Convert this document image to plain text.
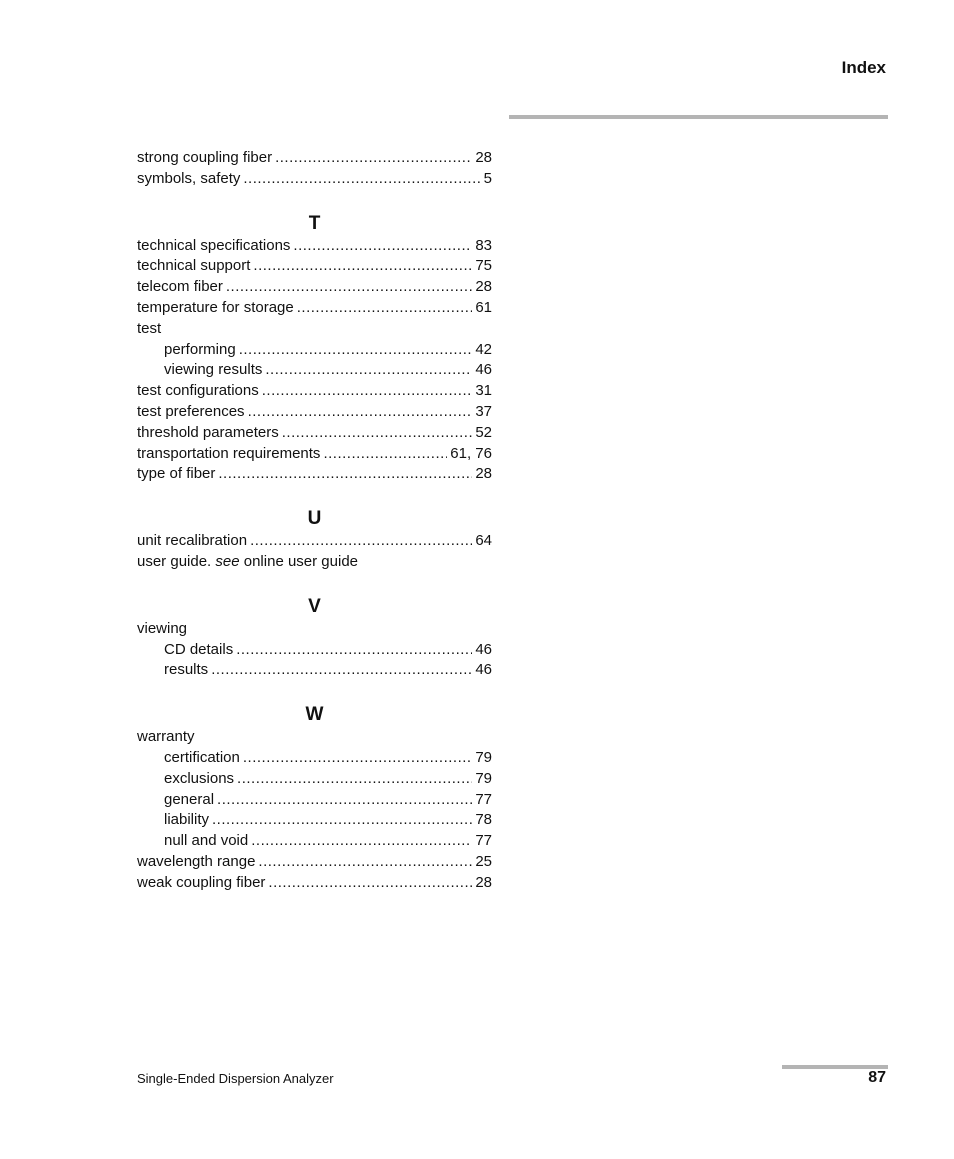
Index
strong coupling fiber .....	28
symbols, safety .....	5
T
technical specifications .....	83
technical support .....	75
telecom fiber .....	28
temperature for storage .....	61
test
performing .....	42
viewing results .....	46
test configurations .....	31
test preferences .....	37
threshold parameters .....	52
transportation requirements .....	61, 76
type of fiber .....	28
U
unit recalibration .....	64
user guide.
see
online user guide
V
viewing
CD details .....	46
results .....	46
W
warranty
certification .....	79
exclusions .....	79
general .....	77
liability .....	78
null and void .....	77
wavelength range .....	25
weak coupling fiber .....	28
Single-Ended Dispersion Analyzer	87
